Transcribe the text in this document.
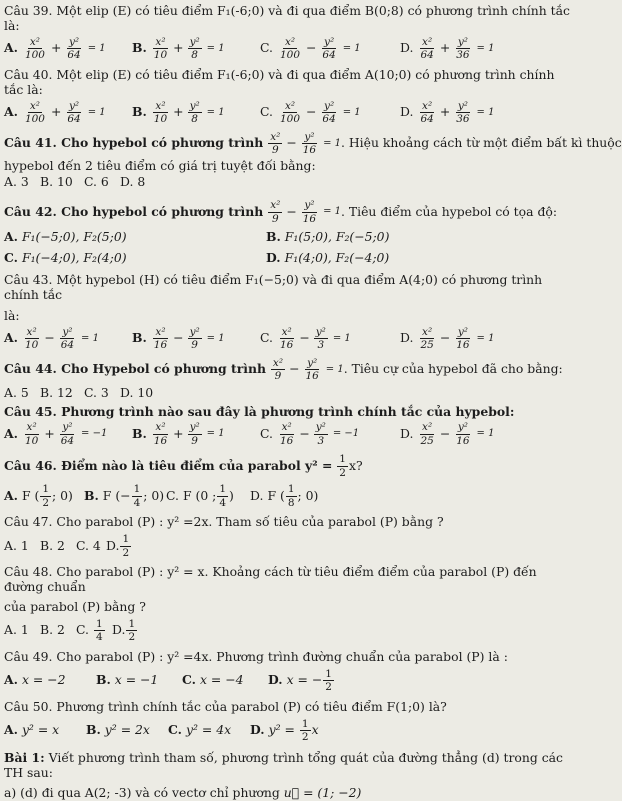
Câu 39. Một elip (E) có tiêu điểm F₁(-6;0) và đi qua điểm B(0;8) có phương trình chính tắc là:

A. $\frac{\text{x²}}{100} + \frac{\text{y²}}{64}$
= 1 B. $\frac{\text{x²}}{10} + \frac{\text{y²}}{8}$
= 1	C. $\frac{\text{x²}}{100} - \frac{\text{y²}}{64}$
= 1	D. $\frac{\text{x²}}{64} + \frac{\text{y²}}{36}$
= 1

Câu 40. Một elip (E) có tiêu điểm F₁(-6;0) và đi qua điểm A(10;0) có phương trình chính tắc là:

A. $\frac{\text{x²}}{100} + \frac{\text{y²}}{64}$
= 1 B. $\frac{\text{x²}}{10} + \frac{\text{y²}}{8}$
= 1	C. $\frac{\text{x²}}{100} - \frac{\text{y²}}{64}$
= 1	D. $\frac{\text{x²}}{64} + \frac{\text{y²}}{36}$
= 1

Câu 41. Cho hypebol có phương trình
$\frac{\text{x²}}{9} - \frac{\text{y²}}{16}$
= 1 . Hiệu khoảng cách từ một điểm bất kì thuộc

hypebol đến 2 tiêu điểm có giá trị tuyệt đối bằng:

A. 3 B. 10 C. 6 D. 8

Câu 42. Cho hypebol có phương trình
$\frac{\text{x²}}{9} - \frac{\text{y²}}{16}$
= 1 . Tiêu điểm của hypebol có tọa độ:

A. F₁(−5;0), F₂(5;0)	B. F₁(5;0), F₂(−5;0)
C. F₁(−4;0), F₂(4;0)	D. F₁(4;0), F₂(−4;0)

Câu 43. Một hypebol (H) có tiêu điểm F₁(−5;0) và đi qua điểm A(4;0) có phương trình chính tắc

là:

A. $\frac{\text{x²}}{10} - \frac{\text{y²}}{64}$
= 1	B. $\frac{\text{x²}}{16} - \frac{\text{y²}}{9}$
= 1	C. $\frac{\text{x²}}{16} - \frac{\text{y²}}{3}$
= 1	D. $\frac{\text{x²}}{25} - \frac{\text{y²}}{16}$
= 1

Câu 44. Cho Hypebol có phương trình
$\frac{\text{x²}}{9} - \frac{\text{y²}}{16}$
= 1 . Tiêu cự của hypebol đã cho bằng:

A. 5 B. 12 C. 3 D. 10

Câu 45. Phương trình nào sau đây là phương trình chính tắc của hypebol:

A. $\frac{\text{x²}}{10} + \frac{\text{y²}}{64}$
= −1 B. $\frac{\text{x²}}{16} + \frac{\text{y²}}{9}$
= 1	C. $\frac{\text{x²}}{16} - \frac{\text{y²}}{3}$
= −1	D. $\frac{\text{x²}}{25} - \frac{\text{y²}}{16}$
= 1

Câu 46. Điểm nào là tiêu điểm của parabol y² =
$\frac{1}{2} x$?

A. F ( $\frac{1}{2}$ ; 0) B. F (− $\frac{1}{4}$ ; 0) C. F (0 ; $\frac{1}{4}$ ) D. F ( $\frac{1}{8}$ ; 0)

Câu 47. Cho parabol (P) : y² =2x. Tham số tiêu của parabol (P) bằng ?

A. 1 B. 2 C. 4 D. $\frac{1}{2}$

Câu 48. Cho parabol (P) : y² = x. Khoảng cách từ tiêu điểm điểm của parabol (P) đến đường chuẩn

của parabol (P) bằng ?

A. 1 B. 2 C.
$\frac{1}{4} D$. $\frac{1}{2}$

Câu 49. Cho parabol (P) : y² =4x. Phương trình đường chuẩn của parabol (P) là :

A. x = −2 B. x = −1 C. x = −4 D. x = − $\frac{1}{2}$

Câu 50. Phương trình chính tắc của parabol (P) có tiêu điểm F(1;0) là?

A. y² = x B. y² = 2x C. y² = 4x D. y² =
$\frac{1}{2}$ x

Bài 1: Viết phương trình tham số, phương trình tổng quát của đường thẳng (d) trong các TH sau:

a) (d) đi qua A(2; -3) và có vectơ chỉ phương u⃗ = (1; −2)
